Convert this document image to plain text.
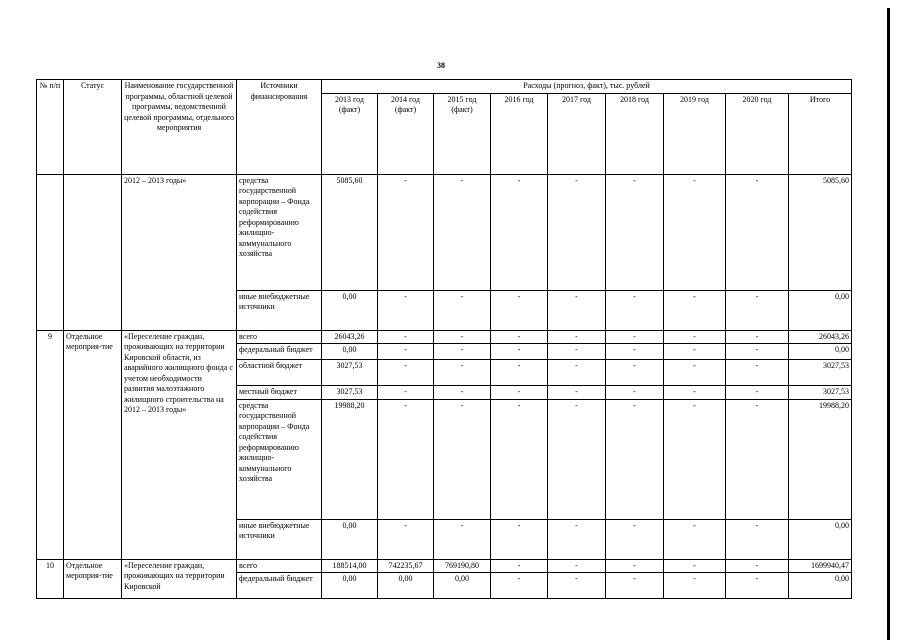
38
№ п/п	Статус	Наименование государственной программы, областной целевой программы, ведомственной целевой программы, отдельного мероприятия	Источники финансирования	Расходы (прогноз, факт), тыс. рублей								
				2013 год (факт)	2014 год (факт)	2015 год (факт)	2016 год	2017 год	2018 год	2019 год	2020 год	Итого
		2012 – 2013 годы»	средства государственной корпорации – Фонда содействия реформированию жилищно-коммунального хозяйства	5085,60	-	-	-	-	-	-	-	5085,60
			иные внебюджетные источники	0,00	-	-	-	-	-	-	-	0,00
9	Отдельное мероприя-тие	«Переселение граждан, проживающих на территории Кировской области, из аварийного жилищного фонда с учетом необходимости развития малоэтажного жилищного строительства на 2012 – 2013 годы»	всего	26043,26	-	-	-	-	-	-	-	26043,26
			федеральный бюджет	0,00	-	-	-	-	-	-	-	0,00
			областной бюджет	3027,53	-	-	-	-	-	-	-	3027,53
			местный бюджет	3027,53	-	-	-	-	-	-	-	3027,53
			средства государственной корпорации – Фонда содействия реформированию жилищно-коммунального хозяйства	19988,20	-	-	-	-	-	-	-	19988,20
			иные внебюджетные источники	0,00	-	-	-	-	-	-	-	0,00
10	Отдельное мероприя-тие	«Переселение граждан, проживающих на территории Кировской	всего	188514,00	742235,67	769190,80	-	-	-	-	-	1699940,47
			федеральный бюджет	0,00	0,00	0,00	-	-	-	-	-	0,00
